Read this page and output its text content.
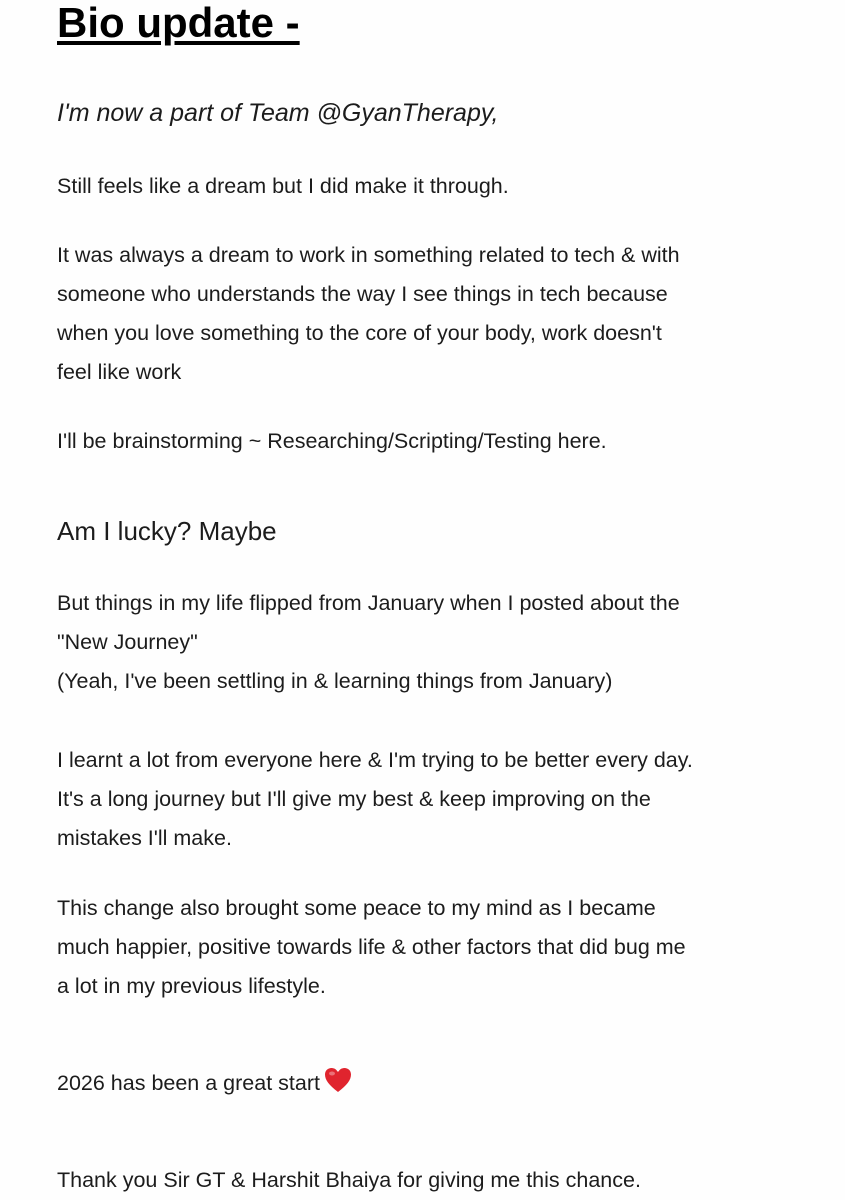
Bio update -

I'm now a part of Team @GyanTherapy,

Still feels like a dream but I did make it through.

It was always a dream to work in something related to tech & with
someone who understands the way I see things in tech because
when you love something to the core of your body, work doesn't
feel like work

I'll be brainstorming ~ Researching/Scripting/Testing here.

Am I lucky? Maybe

But things in my life flipped from January when I posted about the
"New Journey"
(Yeah, I've been settling in & learning things from January)

I learnt a lot from everyone here & I'm trying to be better every day.
It's a long journey but I'll give my best & keep improving on the
mistakes I'll make.

This change also brought some peace to my mind as I became
much happier, positive towards life & other factors that did bug me
a lot in my previous lifestyle.

2026 has been a great start

Thank you Sir GT & Harshit Bhaiya for giving me this chance.
